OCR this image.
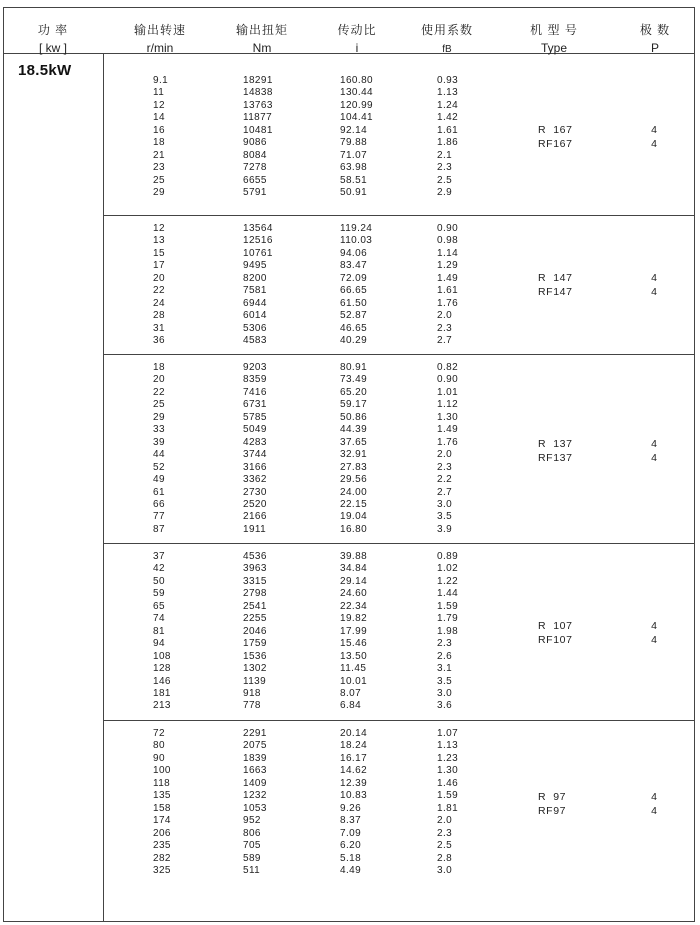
功 率
[ kw ]
输出转速
r/min
输出扭矩
Nm
传动比
i
使用系数
fB
机 型 号
Type
极 数
P
18.5kW
9.1
11
12
14
16
18
21
23
25
29
18291
14838
13763
11877
10481
9086
8084
7278
6655
5791
160.80
130.44
120.99
104.41
92.14
79.88
71.07
63.98
58.51
50.91
0.93
1.13
1.24
1.42
1.61
1.86
2.1
2.3
2.5
2.9
R  167
RF167
4
4
12
13
15
17
20
22
24
28
31
36
13564
12516
10761
9495
8200
7581
6944
6014
5306
4583
119.24
110.03
94.06
83.47
72.09
66.65
61.50
52.87
46.65
40.29
0.90
0.98
1.14
1.29
1.49
1.61
1.76
2.0
2.3
2.7
R  147
RF147
4
4
18
20
22
25
29
33
39
44
52
49
61
66
77
87
9203
8359
7416
6731
5785
5049
4283
3744
3166
3362
2730
2520
2166
1911
80.91
73.49
65.20
59.17
50.86
44.39
37.65
32.91
27.83
29.56
24.00
22.15
19.04
16.80
0.82
0.90
1.01
1.12
1.30
1.49
1.76
2.0
2.3
2.2
2.7
3.0
3.5
3.9
R  137
RF137
4
4
37
42
50
59
65
74
81
94
108
128
146
181
213
4536
3963
3315
2798
2541
2255
2046
1759
1536
1302
1139
918
778
39.88
34.84
29.14
24.60
22.34
19.82
17.99
15.46
13.50
11.45
10.01
8.07
6.84
0.89
1.02
1.22
1.44
1.59
1.79
1.98
2.3
2.6
3.1
3.5
3.0
3.6
R  107
RF107
4
4
72
80
90
100
118
135
158
174
206
235
282
325
2291
2075
1839
1663
1409
1232
1053
952
806
705
589
511
20.14
18.24
16.17
14.62
12.39
10.83
9.26
8.37
7.09
6.20
5.18
4.49
1.07
1.13
1.23
1.30
1.46
1.59
1.81
2.0
2.3
2.5
2.8
3.0
R  97
RF97
4
4
